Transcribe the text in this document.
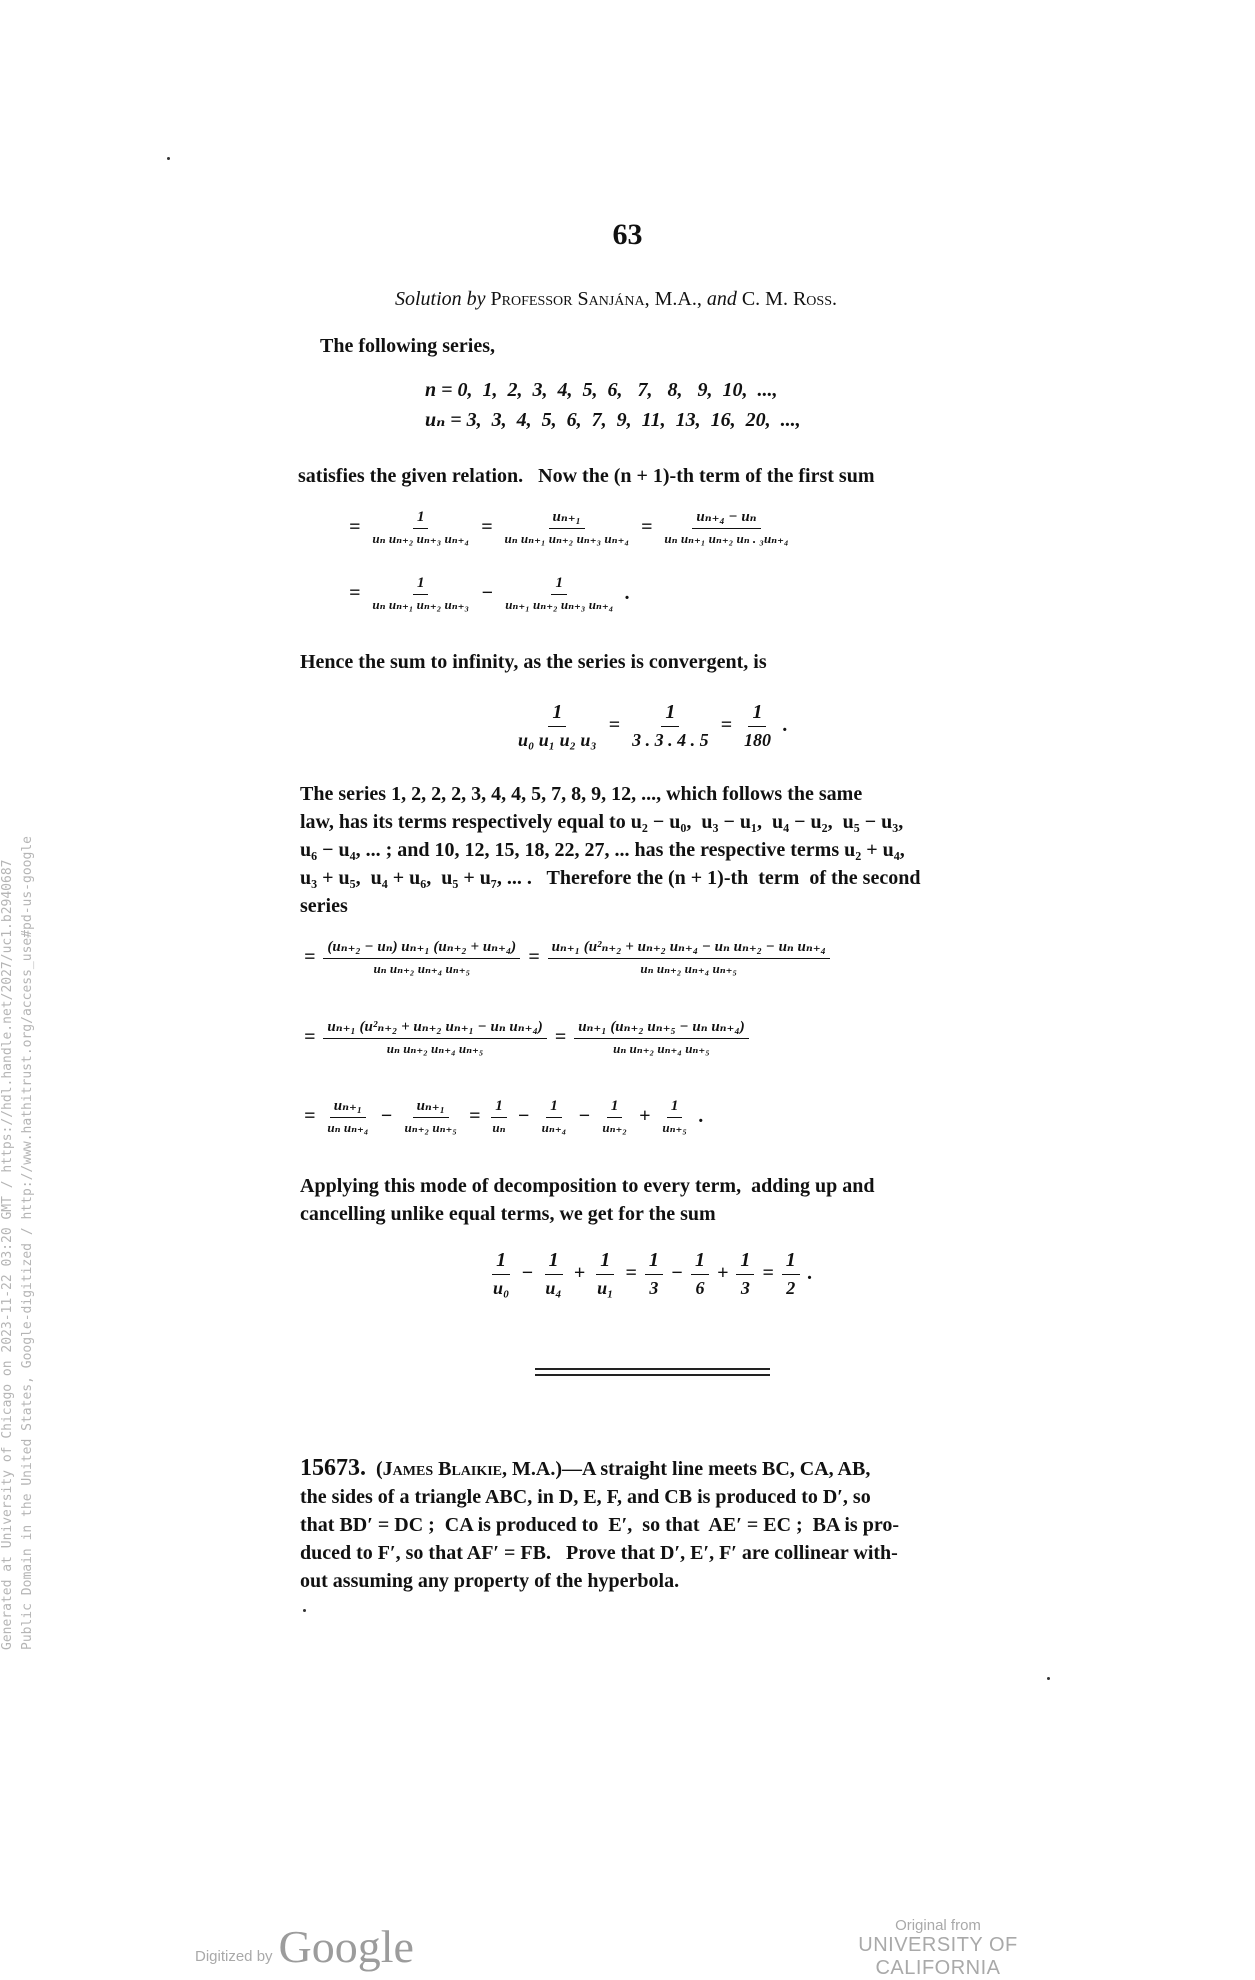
63
Solution by Professor Sanjána, M.A., and C. M. Ross.
The following series,
n = 0,  1,  2,  3,  4,  5,  6,   7,   8,   9,  10,  ...,
uₙ = 3,  3,  4,  5,  6,  7,  9,  11,  13,  16,  20,  ...,
satisfies the given relation.   Now the (n + 1)-th term of the first sum
= $\frac{1}{\text{uₙ uₙ₊₂ uₙ₊₃ uₙ₊₄}} = \frac{\text{uₙ₊₁}}{\text{uₙ uₙ₊₁ uₙ₊₂ uₙ₊₃ uₙ₊₄}} = \frac{\text{uₙ₊₄ − uₙ}}{\text{uₙ uₙ₊₁ uₙ₊₂ uₙ . ₃uₙ₊₄}}$
= $\frac{1}{\text{uₙ uₙ₊₁ uₙ₊₂ uₙ₊₃}} - \frac{1}{\text{uₙ₊₁ uₙ₊₂ uₙ₊₃ uₙ₊₄}}$ .
Hence the sum to infinity, as the series is convergent, is
$\frac{1}{\text{u₀ u₁ u₂ u₃}} = \frac{1}{3 . 3 . 4 . 5} = \frac{1}{180}$ .
The series 1, 2, 2, 2, 3, 4, 4, 5, 7, 8, 9, 12, ..., which follows the same
law, has its terms respectively equal to u₂ − u₀,  u₃ − u₁,  u₄ − u₂,  u₅ − u₃,
u₆ − u₄, ... ; and 10, 12, 15, 18, 22, 27, ... has the respective terms u₂ + u₄,
u₃ + u₅,  u₄ + u₆,  u₅ + u₇, ... .   Therefore the (n + 1)-th  term  of the second
series
= $\frac{\text{(uₙ₊₂ − uₙ) uₙ₊₁ (uₙ₊₂ + uₙ₊₄)}}{\text{uₙ uₙ₊₂ uₙ₊₄ uₙ₊₅}} = \frac{\text{uₙ₊₁ (u²ₙ₊₂ + uₙ₊₂ uₙ₊₄ − uₙ uₙ₊₂ − uₙ uₙ₊₄}}{\text{uₙ uₙ₊₂ uₙ₊₄ uₙ₊₅}}$
= $\frac{\text{uₙ₊₁ (u²ₙ₊₂ + uₙ₊₂ uₙ₊₁ − uₙ uₙ₊₄)}}{\text{uₙ uₙ₊₂ uₙ₊₄ uₙ₊₅}} = \frac{\text{uₙ₊₁ (uₙ₊₂ uₙ₊₅ − uₙ uₙ₊₄)}}{\text{uₙ uₙ₊₂ uₙ₊₄ uₙ₊₅}}$
= $\frac{\text{uₙ₊₁}}{\text{uₙ uₙ₊₄}} - \frac{\text{uₙ₊₁}}{\text{uₙ₊₂ uₙ₊₅}} = \frac{1}{\text{uₙ}} - \frac{1}{\text{uₙ₊₄}} - \frac{1}{\text{uₙ₊₂}} + \frac{1}{\text{uₙ₊₅}}$ .
Applying this mode of decomposition to every term,  adding up and
cancelling unlike equal terms, we get for the sum
$\frac{1}{\text{u₀}} - \frac{1}{\text{u₄}} + \frac{1}{\text{u₁}} = \frac{1}{3} - \frac{1}{6} + \frac{1}{3} = \frac{1}{2}$ .
15673. (James Blaikie, M.A.)—A straight line meets BC, CA, AB,
the sides of a triangle ABC, in D, E, F, and CB is produced to D′, so
that BD′ = DC ;  CA is produced to  E′,  so that  AE′ = EC ;  BA is pro-
duced to F′, so that AF′ = FB.   Prove that D′, E′, F′ are collinear with-
out assuming any property of the hyperbola.
Generated at University of Chicago on 2023-11-22 03:20 GMT / https://hdl.handle.net/2027/uc1.b2940687 Public Domain in the United States, Google-digitized / http://www.hathitrust.org/access_use#pd-us-google
Digitized by Google	Original from
UNIVERSITY OF CALIFORNIA
